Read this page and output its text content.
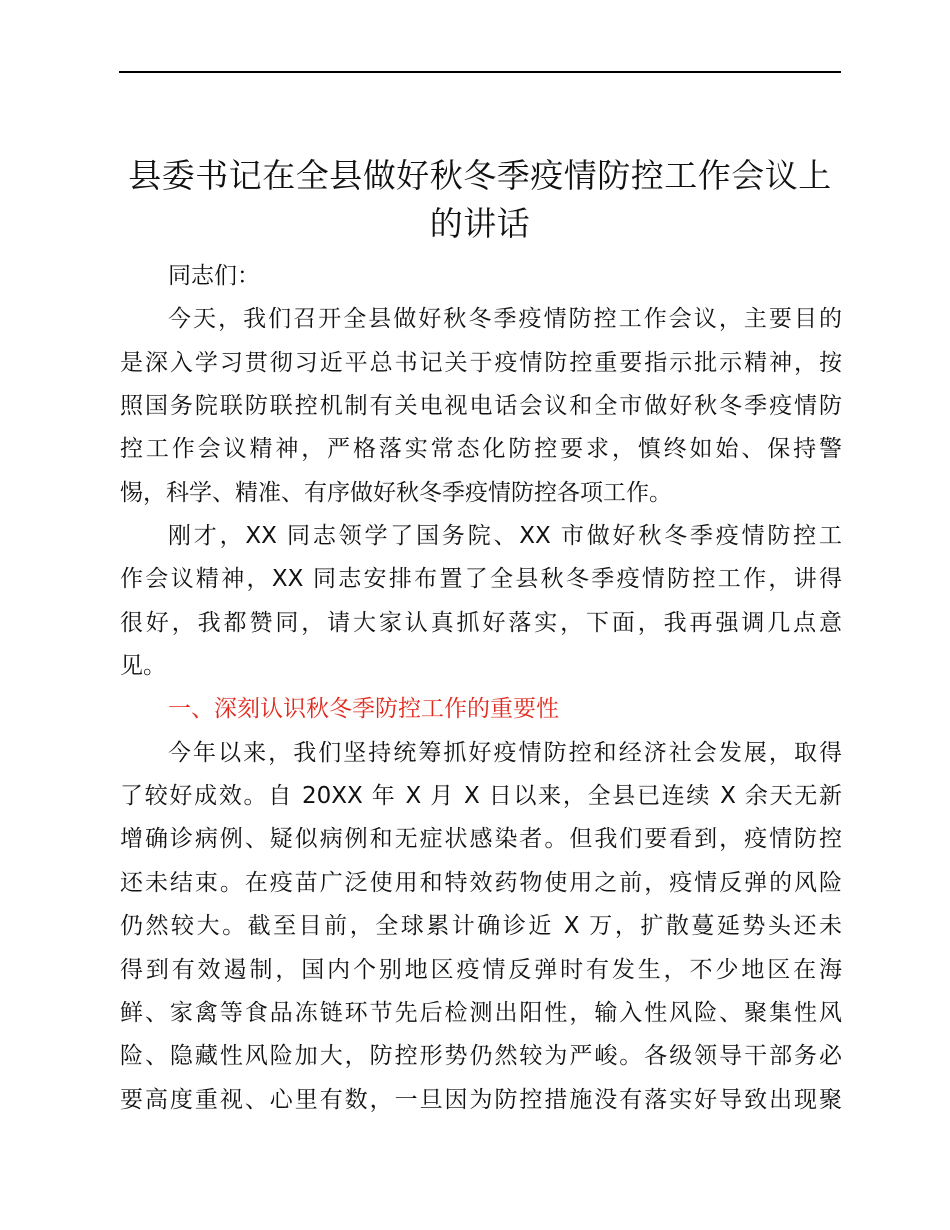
县委书记在全县做好秋冬季疫情防控工作会议上
的讲话
同志们：
今天，我们召开全县做好秋冬季疫情防控工作会议，主要目的
是深入学习贯彻习近平总书记关于疫情防控重要指示批示精神，按
照国务院联防联控机制有关电视电话会议和全市做好秋冬季疫情防
控工作会议精神，严格落实常态化防控要求，慎终如始、保持警
惕，科学、精准、有序做好秋冬季疫情防控各项工作。
刚才，XX 同志领学了国务院、XX 市做好秋冬季疫情防控工
作会议精神，XX 同志安排布置了全县秋冬季疫情防控工作，讲得
很好，我都赞同，请大家认真抓好落实，下面，我再强调几点意
见。
一、深刻认识秋冬季防控工作的重要性
今年以来，我们坚持统筹抓好疫情防控和经济社会发展，取得
了较好成效。自 20XX 年 X 月 X 日以来，全县已连续 X 余天无新
增确诊病例、疑似病例和无症状感染者。但我们要看到，疫情防控
还未结束。在疫苗广泛使用和特效药物使用之前，疫情反弹的风险
仍然较大。截至目前，全球累计确诊近 X 万，扩散蔓延势头还未
得到有效遏制，国内个别地区疫情反弹时有发生，不少地区在海
鲜、家禽等食品冻链环节先后检测出阳性，输入性风险、聚集性风
险、隐藏性风险加大，防控形势仍然较为严峻。各级领导干部务必
要高度重视、心里有数，一旦因为防控措施没有落实好导致出现聚
